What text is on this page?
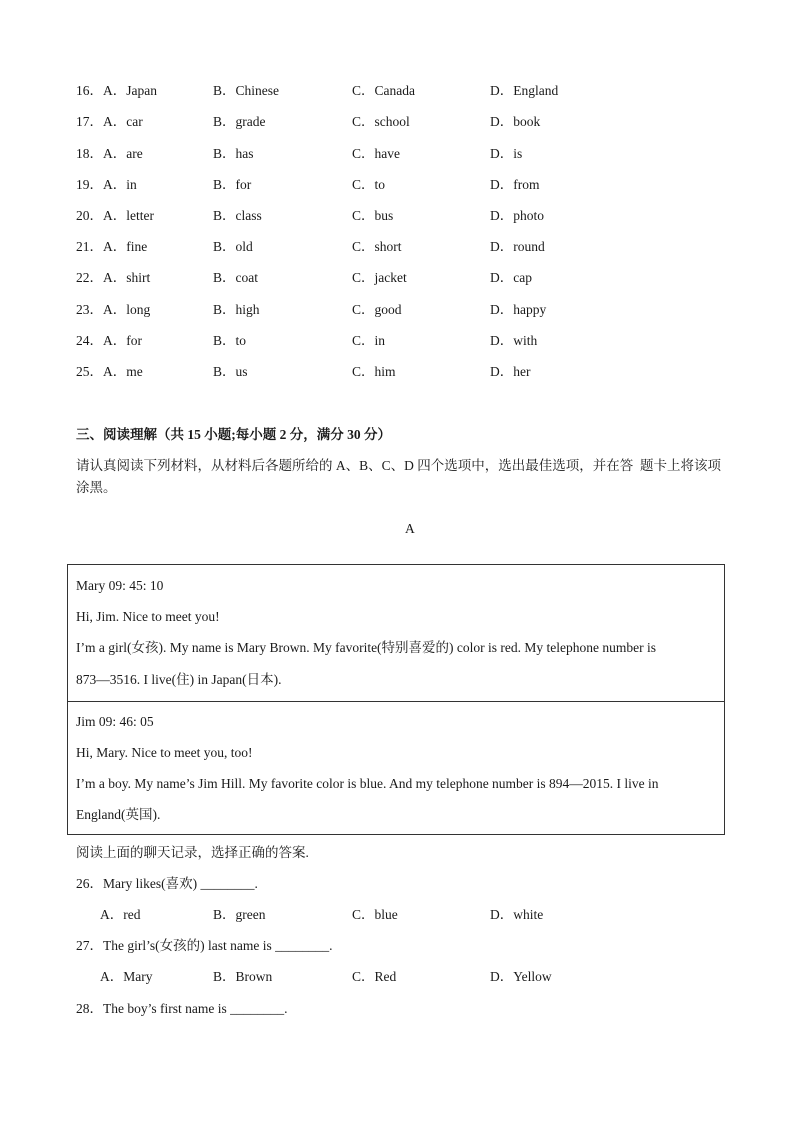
16． A．Japan	B．Chinese	C．Canada	D．England
17． A．car	B．grade	C．school	D．book
18． A．are	B．has	C．have	D．is
19． A．in	B．for	C．to	D．from
20． A．letter	B．class	C．bus	D．photo
21． A．fine	B．old	C．short	D．round
22． A．shirt	B．coat	C．jacket	D．cap
23． A．long	B．high	C．good	D．happy
24． A．for	B．to	C．in	D．with
25． A．me	B．us	C．him	D．her
三、阅读理解（共 15 小题;每小题 2 分，满分 30 分）
请认真阅读下列材料，从材料后各题所给的 A、B、C、D 四个选项中，选出最佳选项，并在答  题卡上将该项涂黑。
A
Mary 09: 45: 10
Hi, Jim. Nice to meet you!
I’m a girl(女孩). My name is Mary Brown. My favorite(特别喜爱的) color is red. My telephone number is
873—3516. I live(住) in Japan(日本).
Jim 09: 46: 05
Hi, Mary. Nice to meet you, too!
I’m a boy. My name’s Jim Hill. My favorite color is blue. And my telephone number is 894—2015. I live in
England(英国).
阅读上面的聊天记录，选择正确的答案.
26．Mary likes(喜欢) ________.
A．red	B．green	C．blue	D．white
27．The girl’s(女孩的) last name is ________.
A．Mary	B．Brown	C．Red	D．Yellow
28．The boy’s first name is ________.
